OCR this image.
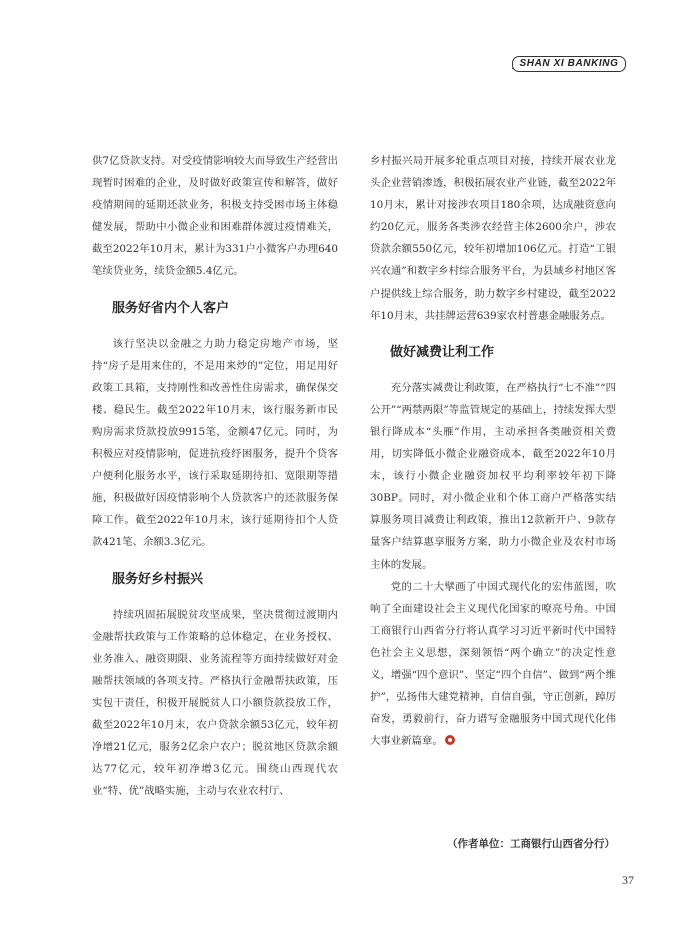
SHAN XI BANKING

供7亿贷款支持。对受疫情影响较大而导致生产经营出现暂时困难的企业，及时做好政策宣传和解答，做好疫情期间的延期还款业务，积极支持受困市场主体稳健发展，帮助中小微企业和困难群体渡过疫情难关，截至2022年10月末，累计为331户小微客户办理640笔续贷业务，续贷金额5.4亿元。

服务好省内个人客户

该行坚决以金融之力助力稳定房地产市场，坚持“房子是用来住的，不是用来炒的”定位，用足用好政策工具箱，支持刚性和改善性住房需求，确保保交楼、稳民生。截至2022年10月末，该行服务新市民购房需求贷款投放9915笔，金额47亿元。同时，为积极应对疫情影响，促进抗疫纾困服务，提升个贷客户便利化服务水平，该行采取延期待扣、宽限期等措施，积极做好因疫情影响个人贷款客户的还款服务保障工作。截至2022年10月末，该行延期待扣个人贷款421笔、余额3.3亿元。

服务好乡村振兴

持续巩固拓展脱贫攻坚成果，坚决贯彻过渡期内金融帮扶政策与工作策略的总体稳定，在业务授权、业务准入、融资期限、业务流程等方面持续做好对金融帮扶领域的各项支持。严格执行金融帮扶政策，压实包干责任，积极开展脱贫人口小额贷款投放工作，截至2022年10月末，农户贷款余额53亿元，较年初净增21亿元，服务2亿余户农户；脱贫地区贷款余额达77亿元，较年初净增3亿元。围绕山西现代农业“特、优”战略实施，主动与农业农村厅、

乡村振兴局开展多轮重点项目对接，持续开展农业龙头企业营销渗透，积极拓展农业产业链，截至2022年10月末，累计对接涉农项目180余项，达成融资意向约20亿元，服务各类涉农经营主体2600余户，涉农贷款余额550亿元，较年初增加106亿元。打造“工银兴农通”和数字乡村综合服务平台，为县域乡村地区客户提供线上综合服务，助力数字乡村建设，截至2022年10月末，共挂牌运营639家农村普惠金融服务点。

做好减费让利工作

充分落实减费让利政策，在严格执行“七不准”“四公开”“两禁两限”等监管规定的基础上，持续发挥大型银行降成本“头雁”作用，主动承担各类融资相关费用，切实降低小微企业融资成本，截至2022年10月末，该行小微企业融资加权平均利率较年初下降30BP。同时，对小微企业和个体工商户严格落实结算服务项目减费让利政策，推出12款新开户、9款存量客户结算惠享服务方案，助力小微企业及农村市场主体的发展。

党的二十大擘画了中国式现代化的宏伟蓝图，吹响了全面建设社会主义现代化国家的嘹亮号角。中国工商银行山西省分行将认真学习习近平新时代中国特色社会主义思想，深刻领悟“两个确立”的决定性意义，增强“四个意识”、坚定“四个自信”、做到“两个维护”，弘扬伟大建党精神，自信自强，守正创新，踔厉奋发，勇毅前行，奋力谱写金融服务中国式现代化伟大事业新篇章。

（作者单位：工商银行山西省分行）
37
